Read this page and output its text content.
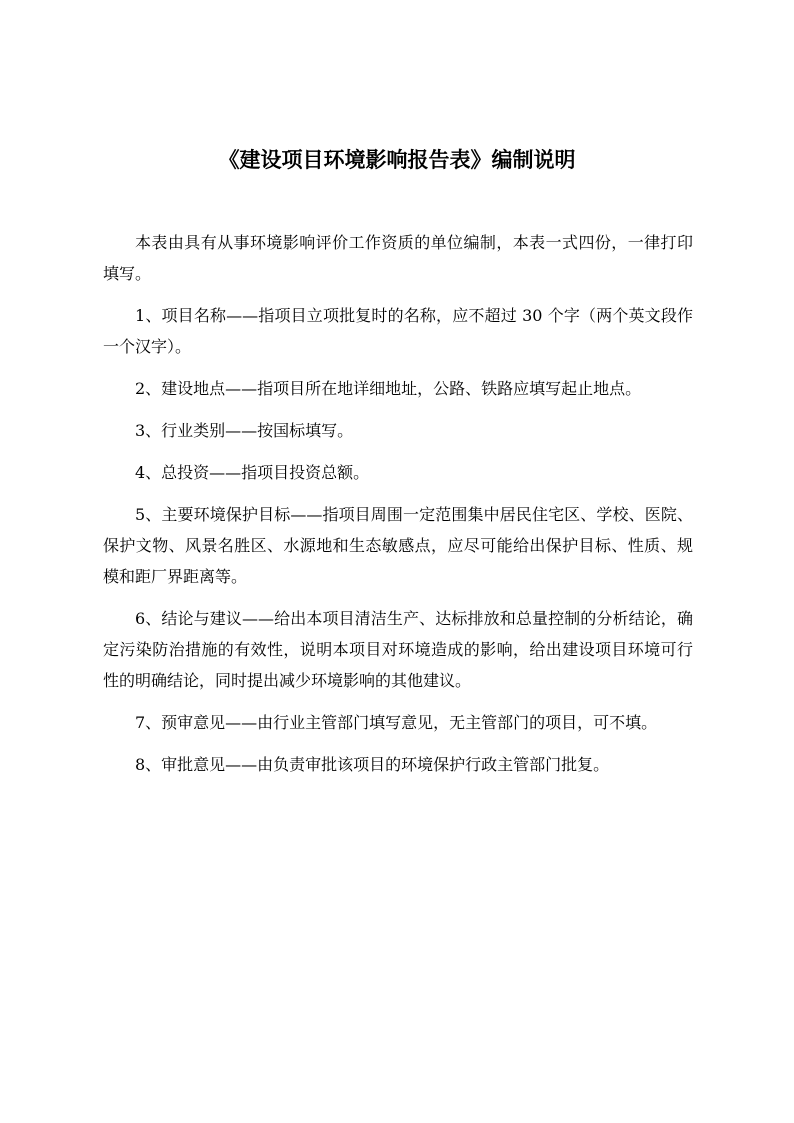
《建设项目环境影响报告表》编制说明

本表由具有从事环境影响评价工作资质的单位编制，本表一式四份，一律打印填写。

1、项目名称——指项目立项批复时的名称，应不超过 30 个字（两个英文段作一个汉字）。

2、建设地点——指项目所在地详细地址，公路、铁路应填写起止地点。

3、行业类别——按国标填写。

4、总投资——指项目投资总额。

5、主要环境保护目标——指项目周围一定范围集中居民住宅区、学校、医院、保护文物、风景名胜区、水源地和生态敏感点，应尽可能给出保护目标、性质、规模和距厂界距离等。

6、结论与建议——给出本项目清洁生产、达标排放和总量控制的分析结论，确定污染防治措施的有效性，说明本项目对环境造成的影响，给出建设项目环境可行性的明确结论，同时提出减少环境影响的其他建议。

7、预审意见——由行业主管部门填写意见，无主管部门的项目，可不填。

8、审批意见——由负责审批该项目的环境保护行政主管部门批复。
